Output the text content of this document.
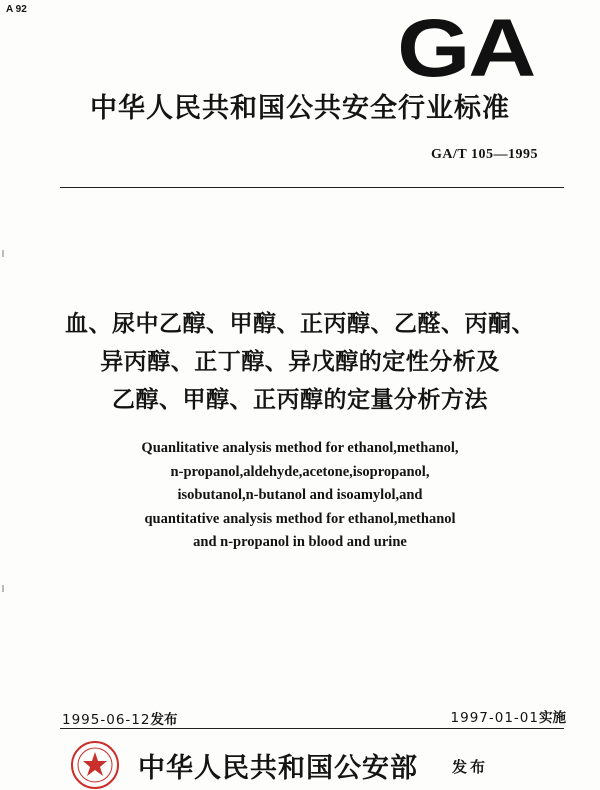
A 92	GA
中华人民共和国公共安全行业标准
GA/T 105—1995
血、尿中乙醇、甲醇、正丙醇、乙醛、丙酮、
异丙醇、正丁醇、异戊醇的定性分析及
乙醇、甲醇、正丙醇的定量分析方法
Quanlitative analysis method for ethanol,methanol,
n-propanol,aldehyde,acetone,isopropanol,
isobutanol,n-butanol and isoamylol,and
quantitative analysis method for ethanol,methanol
and n-propanol in blood and urine
1995-06-12发布	1997-01-01实施
中华人民共和国公安部 发布
